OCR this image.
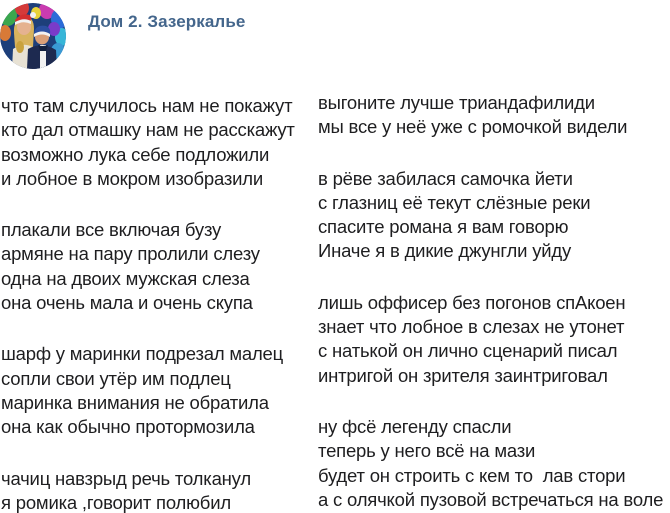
Дом 2. Зазеркалье
что там случилось нам не покажут
кто дал отмашку нам не расскажут
возможно лука себе подложили
и лобное в мокром изобразили
плакали все включая бузу
армяне на пару пролили слезу
одна на двоих мужская слеза
она очень мала и очень скупа
шарф у маринки подрезал малец
сопли свои утёр им подлец
маринка внимания не обратила
она как обычно протормозила
чачиц навзрыд речь толканул
я ромика ,говорит полюбил
выгоните лучше триандафилиди
мы все у неё уже с ромочкой видели
в рёве забилася самочка йети
с глазниц её текут слёзные реки
спасите романа я вам говорю
Иначе я в дикие джунгли уйду
лишь оффисер без погонов спАкоен
знает что лобное в слезах не утонет
с натькой он лично сценарий писал
интригой он зрителя заинтриговал
ну фсё легенду спасли
теперь у него всё на мази
будет он строить с кем то  лав стори
а с олячкой пузовой встречаться на воле
